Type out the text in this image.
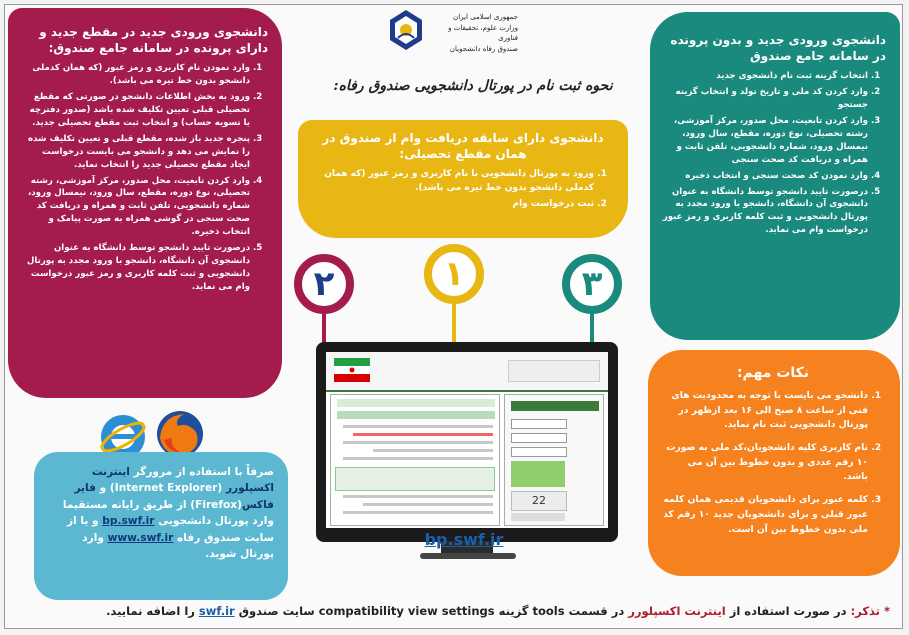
جمهوری اسلامی ایران
وزارت علوم، تحقیقات و فناوری
صندوق رفاه دانشجویان
نحوه ثبت نام در پورتال دانشجویی صندوق رفاه:
دانشجوی ورودی جدید در مقطع جدید و دارای پرونده در سامانه جامع صندوق:
1. وارد نمودن نام کاربری و رمز عبور (که همان کدملی دانشجو بدون خط تیره می باشد).
2. ورود به بخش اطلاعات دانشجو در صورتی که مقطع تحصیلی قبلی تعیین تکلیف شده باشد (صدور دفترچه یا تسویه حساب) و انتخاب ثبت مقطع تحصیلی جدید.
3. پنجره جدید باز شده، مقطع قبلی و تعیین تکلیف شده را نمایش می دهد و دانشجو می بایست درخواست ایجاد مقطع تحصیلی جدید را انتخاب نماید.
4. وارد کردن تابعیت، محل صدور، مرکز آموزشی، رشته تحصیلی، نوع دوره، مقطع، سال ورود، نیمسال ورود، شماره دانشجویی، تلفن ثابت و همراه و دریافت کد صحت سنجی در گوشی همراه به صورت پیامک و انتخاب ذخیره.
5. درصورت تایید دانشجو توسط دانشگاه به عنوان دانشجوی آن دانشگاه، دانشجو با ورود مجدد به پورتال دانشجویی و ثبت کلمه کاربری و رمز عبور درخواست وام می نماید.
دانشجوی دارای سابقه دریافت وام از صندوق در همان مقطع تحصیلی:
1. ورود به پورتال دانشجویی با نام کاربری و رمز عبور (که همان کدملی دانشجو بدون خط تیره می باشد).
2. ثبت درخواست وام
دانشجوی ورودی جدید و بدون پرونده در سامانه جامع صندوق
1. انتخاب گزینه ثبت نام دانشجوی جدید
2. وارد کردن کد ملی و تاریخ تولد و انتخاب گزینه جستجو
3. وارد کردن تابعیت، محل صدور، مرکز آموزشی، رشته تحصیلی، نوع دوره، مقطع، سال ورود، نیمسال ورود، شماره دانشجویی، تلفن ثابت و همراه و دریافت کد صحت سنجی
4. وارد نمودن کد صحت سنجی و انتخاب ذخیره
5. درصورت تایید دانشجو توسط دانشگاه به عنوان دانشجوی آن دانشگاه، دانشجو با ورود مجدد به پورتال دانشجویی و ثبت کلمه کاربری و رمز عبور درخواست وام می نماید.
۲	۱	۳
22
bp.swf.ir

صرفاً با استفاده از مرورگر اینترنت اکسپلورر (Internet Explorer) و فایر فاکس(Firefox) از طریق رایانه مستقیما وارد پورتال دانشجویی bp.swf.ir و یا از سایت صندوق رفاه www.swf.ir وارد پورتال شوید.

نکات مهم:
1. دانشجو می بایست با توجه به محدودیت های فنی از ساعت ۸ صبح الی ۱۶ بعد ازظهر در پورتال دانشجویی ثبت نام نماید.
2. نام کاربری کلیه دانشجویان،کد ملی به صورت ۱۰ رقم عددی و بدون خطوط بین آن می باشد.
3. کلمه عبور برای دانشجویان قدیمی همان کلمه عبور قبلی و برای دانشجویان جدید ۱۰ رقم کد ملی بدون خطوط بین آن است.
* تذکر: در صورت استفاده از اینترنت اکسپلورر در قسمت tools گزینه compatibility view settings سایت صندوق swf.ir را اضافه نمایید.
